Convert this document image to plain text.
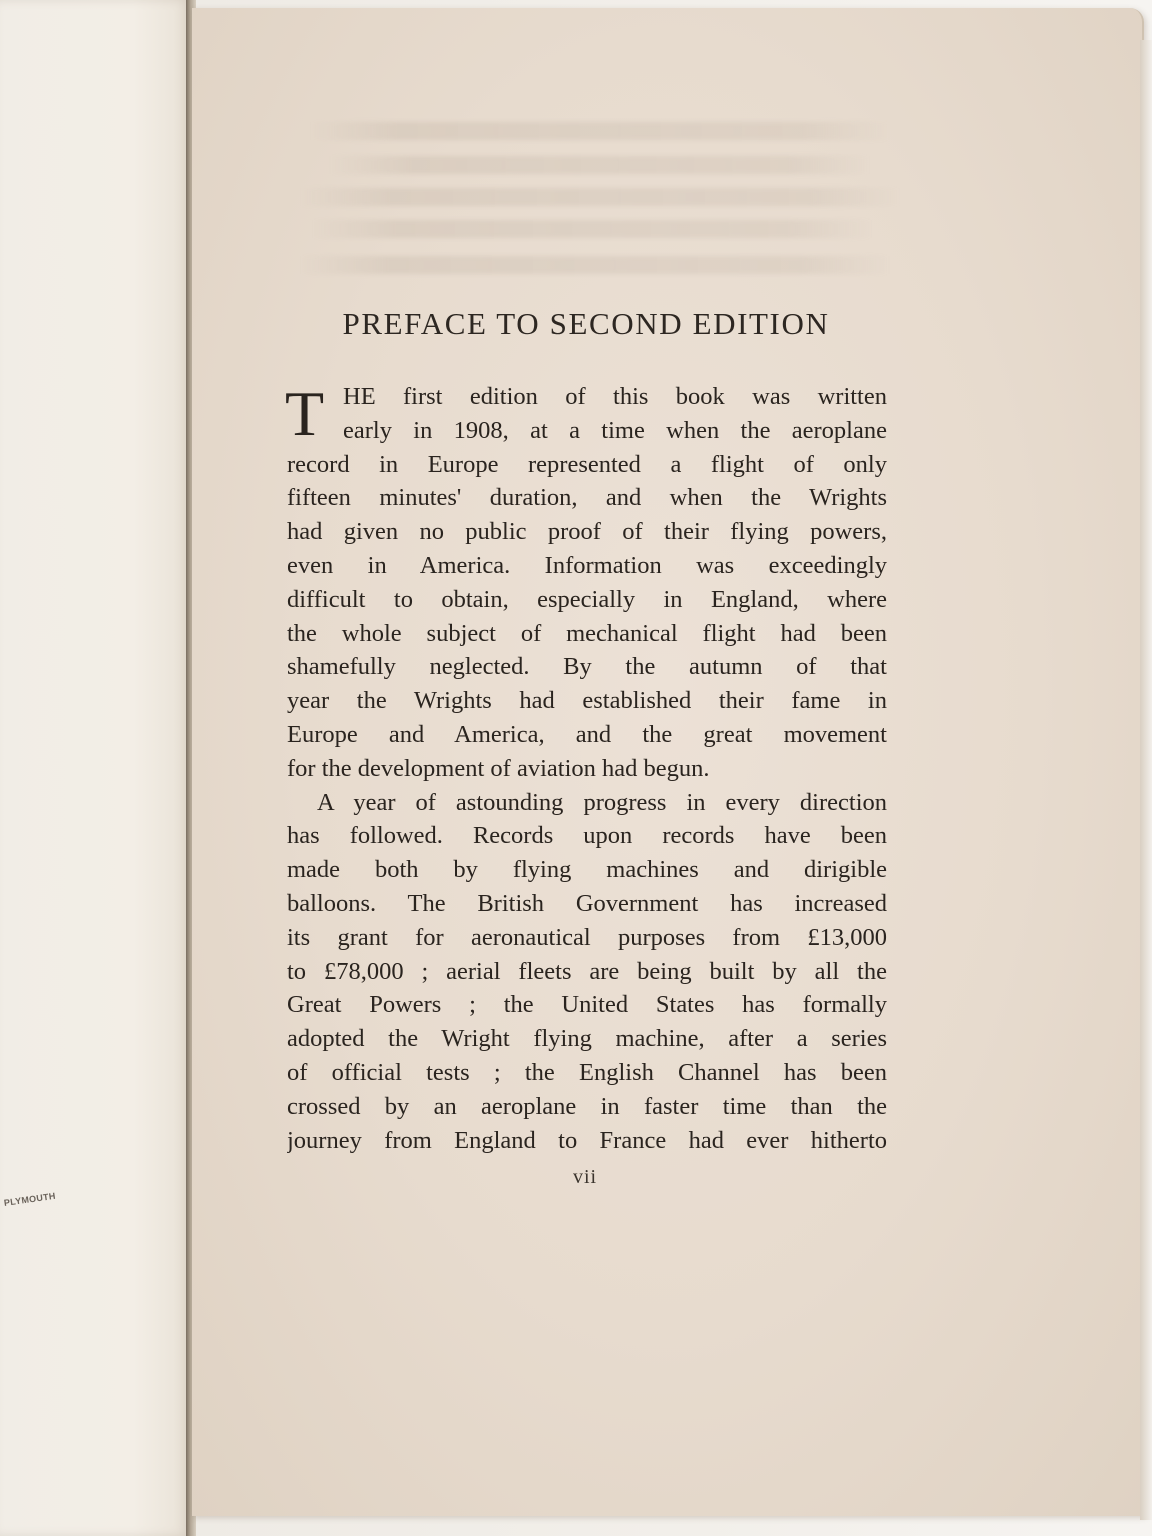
PLYMOUTH
PREFACE TO SECOND EDITION
T HE first edition of this book was written
early in 1908, at a time when the aeroplane
record in Europe represented a flight of only
fifteen minutes' duration, and when the Wrights
had given no public proof of their flying powers,
even in America. Information was exceedingly
difficult to obtain, especially in England, where
the whole subject of mechanical flight had been
shamefully neglected. By the autumn of that
year the Wrights had established their fame in
Europe and America, and the great movement
for the development of aviation had begun.
A year of astounding progress in every direction
has followed. Records upon records have been
made both by flying machines and dirigible
balloons. The British Government has increased
its grant for aeronautical purposes from £13,000
to £78,000 ; aerial fleets are being built by all the
Great Powers ; the United States has formally
adopted the Wright flying machine, after a series
of official tests ; the English Channel has been
crossed by an aeroplane in faster time than the
journey from England to France had ever hitherto
vii
